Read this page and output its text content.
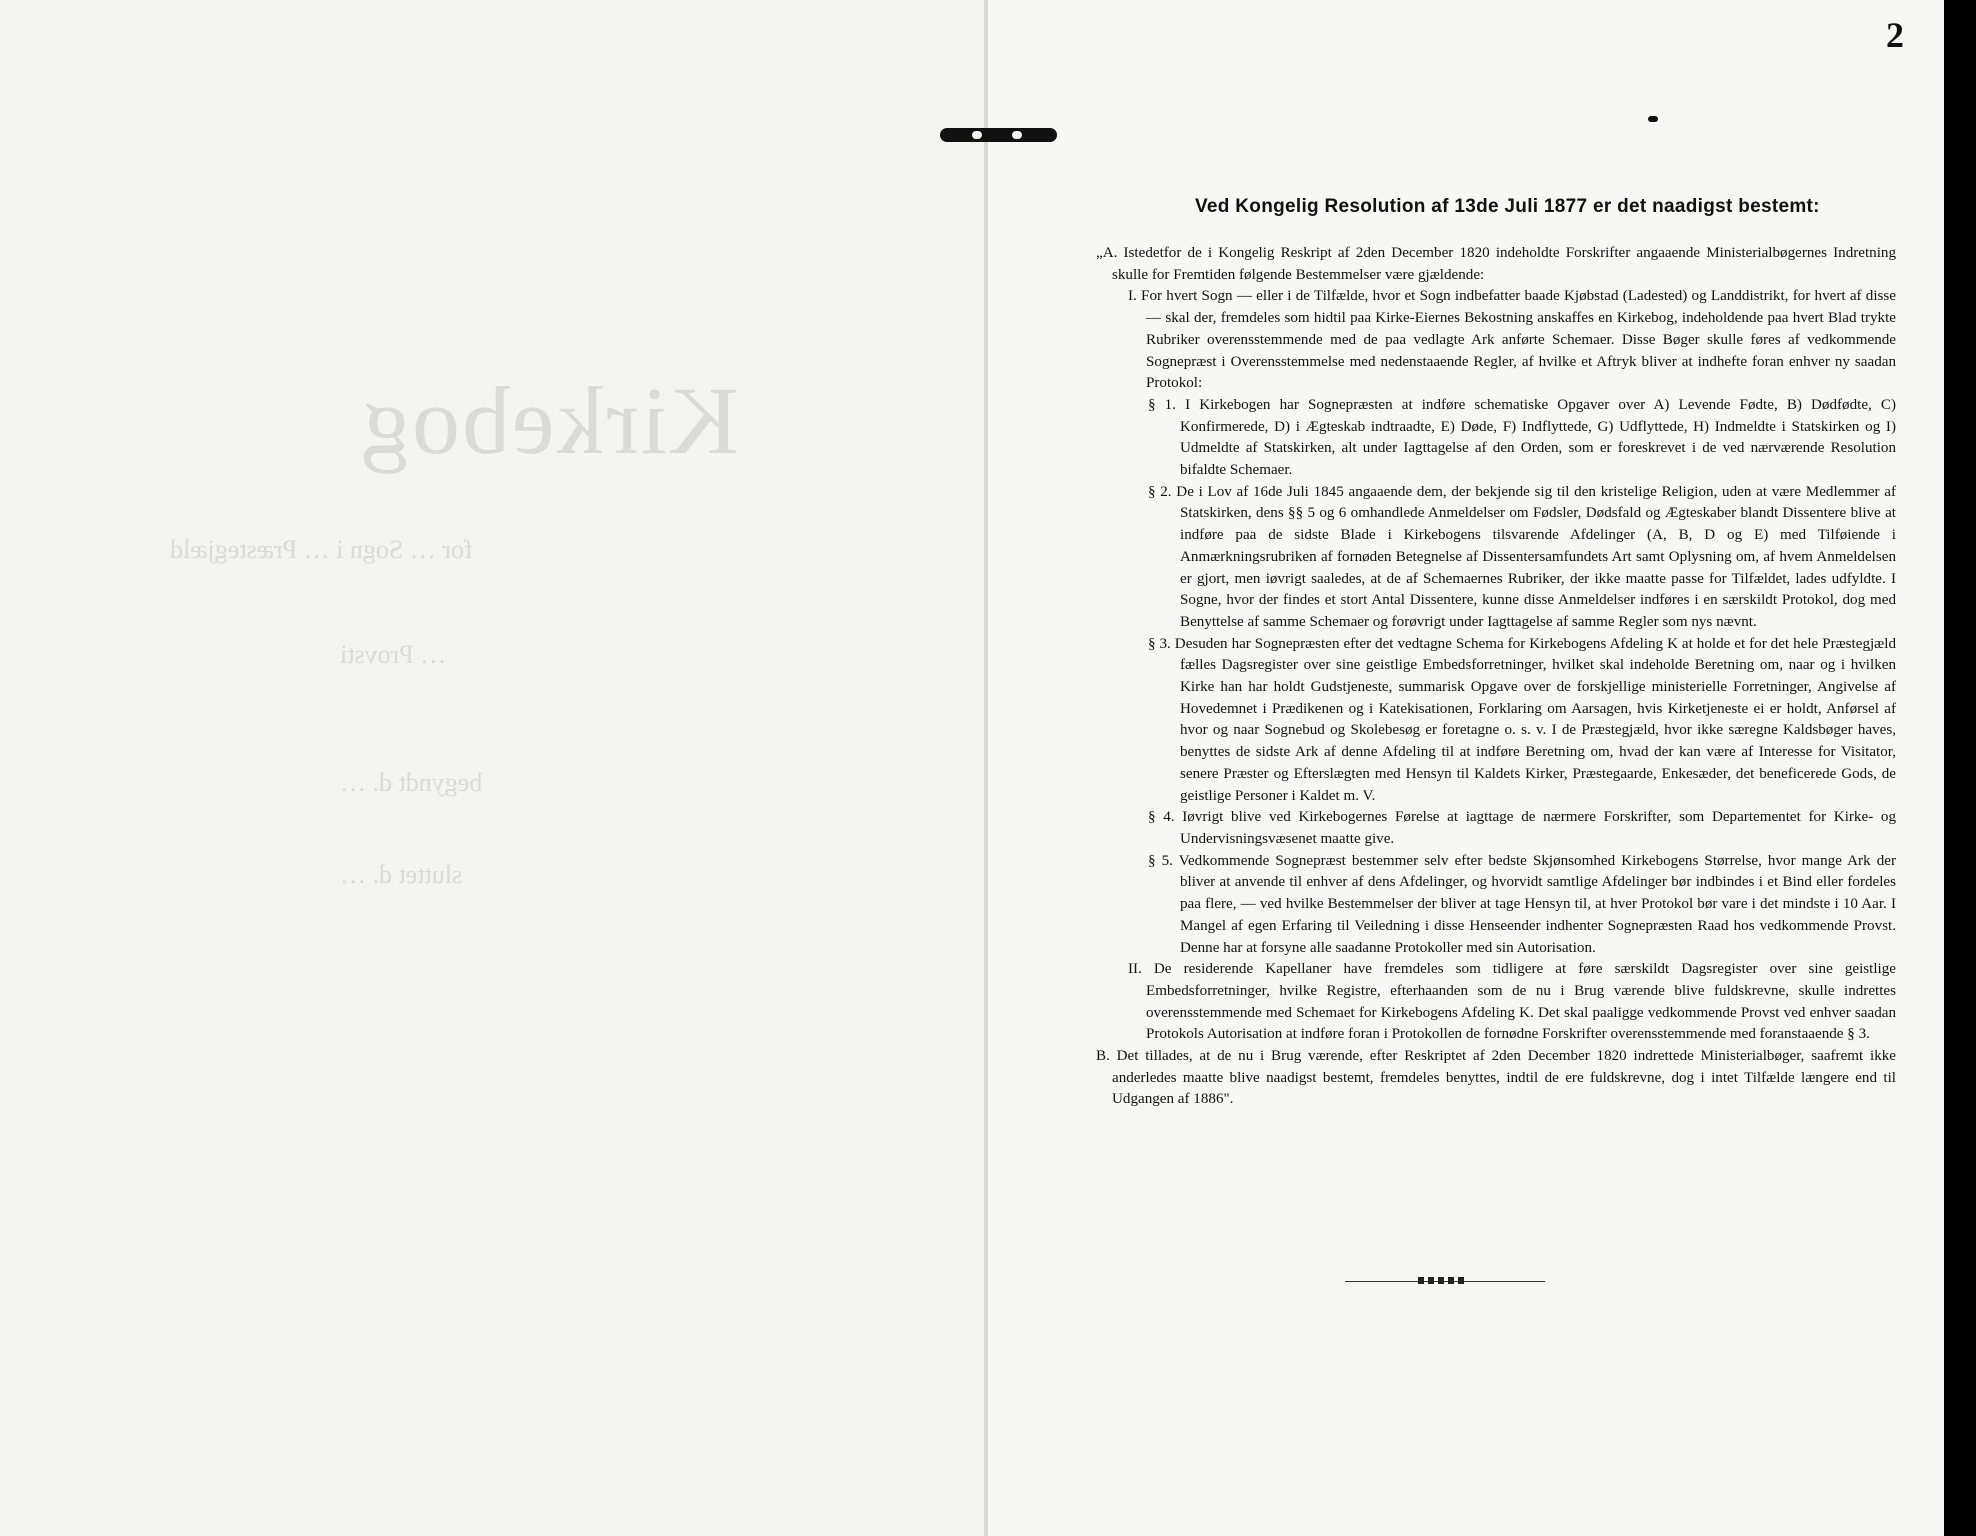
Kirkebog
for … Sogn i … Præstegjæld
… Provsti
begyndt d. …
sluttet d. …
2
Ved Kongelig Resolution af 13de Juli 1877 er det naadigst bestemt:

„A. Istedetfor de i Kongelig Reskript af 2den December 1820 indeholdte Forskrifter angaaende Ministerialbøgernes Indretning skulle for Fremtiden følgende Bestemmelser være gjældende:

I. For hvert Sogn — eller i de Tilfælde, hvor et Sogn indbefatter baade Kjøbstad (Ladested) og Landdistrikt, for hvert af disse — skal der, fremdeles som hidtil paa Kirke-Eiernes Bekostning anskaffes en Kirkebog, indeholdende paa hvert Blad trykte Rubriker overensstemmende med de paa vedlagte Ark anførte Schemaer. Disse Bøger skulle føres af vedkommende Sognepræst i Overensstemmelse med nedenstaaende Regler, af hvilke et Aftryk bliver at indhefte foran enhver ny saadan Protokol:

§ 1. I Kirkebogen har Sognepræsten at indføre schematiske Opgaver over A) Levende Fødte, B) Dødfødte, C) Konfirmerede, D) i Ægteskab indtraadte, E) Døde, F) Indflyttede, G) Udflyttede, H) Indmeldte i Statskirken og I) Udmeldte af Statskirken, alt under Iagttagelse af den Orden, som er foreskrevet i de ved nærværende Resolution bifaldte Schemaer.

§ 2. De i Lov af 16de Juli 1845 angaaende dem, der bekjende sig til den kristelige Religion, uden at være Medlemmer af Statskirken, dens §§ 5 og 6 omhandlede Anmeldelser om Fødsler, Dødsfald og Ægteskaber blandt Dissentere blive at indføre paa de sidste Blade i Kirkebogens tilsvarende Afdelinger (A, B, D og E) med Tilføiende i Anmærkningsrubriken af fornøden Betegnelse af Dissentersamfundets Art samt Oplysning om, af hvem Anmeldelsen er gjort, men iøvrigt saaledes, at de af Schemaernes Rubriker, der ikke maatte passe for Tilfældet, lades udfyldte. I Sogne, hvor der findes et stort Antal Dissentere, kunne disse Anmeldelser indføres i en særskildt Protokol, dog med Benyttelse af samme Schemaer og forøvrigt under Iagttagelse af samme Regler som nys nævnt.

§ 3. Desuden har Sognepræsten efter det vedtagne Schema for Kirkebogens Afdeling K at holde et for det hele Præstegjæld fælles Dagsregister over sine geistlige Embedsforretninger, hvilket skal indeholde Beretning om, naar og i hvilken Kirke han har holdt Gudstjeneste, summarisk Opgave over de forskjellige ministerielle Forretninger, Angivelse af Hovedemnet i Prædikenen og i Katekisationen, Forklaring om Aarsagen, hvis Kirketjeneste ei er holdt, Anførsel af hvor og naar Sognebud og Skolebesøg er foretagne o. s. v. I de Præstegjæld, hvor ikke særegne Kaldsbøger haves, benyttes de sidste Ark af denne Afdeling til at indføre Beretning om, hvad der kan være af Interesse for Visitator, senere Præster og Efterslægten med Hensyn til Kaldets Kirker, Præstegaarde, Enkesæder, det beneficerede Gods, de geistlige Personer i Kaldet m. V.

§ 4. Iøvrigt blive ved Kirkebogernes Førelse at iagttage de nærmere Forskrifter, som Departementet for Kirke- og Undervisningsvæsenet maatte give.

§ 5. Vedkommende Sognepræst bestemmer selv efter bedste Skjønsomhed Kirkebogens Størrelse, hvor mange Ark der bliver at anvende til enhver af dens Afdelinger, og hvorvidt samtlige Afdelinger bør indbindes i et Bind eller fordeles paa flere, — ved hvilke Bestemmelser der bliver at tage Hensyn til, at hver Protokol bør vare i det mindste i 10 Aar. I Mangel af egen Erfaring til Veiledning i disse Henseender indhenter Sognepræsten Raad hos vedkommende Provst. Denne har at forsyne alle saadanne Protokoller med sin Autorisation.

II. De residerende Kapellaner have fremdeles som tidligere at føre særskildt Dagsregister over sine geistlige Embedsforretninger, hvilke Registre, efterhaanden som de nu i Brug værende blive fuldskrevne, skulle indrettes overensstemmende med Schemaet for Kirkebogens Afdeling K. Det skal paaligge vedkommende Provst ved enhver saadan Protokols Autorisation at indføre foran i Protokollen de fornødne Forskrifter overensstemmende med foranstaaende § 3.

B. Det tillades, at de nu i Brug værende, efter Reskriptet af 2den December 1820 indrettede Ministerialbøger, saafremt ikke anderledes maatte blive naadigst bestemt, fremdeles benyttes, indtil de ere fuldskrevne, dog i intet Tilfælde længere end til Udgangen af 1886".
